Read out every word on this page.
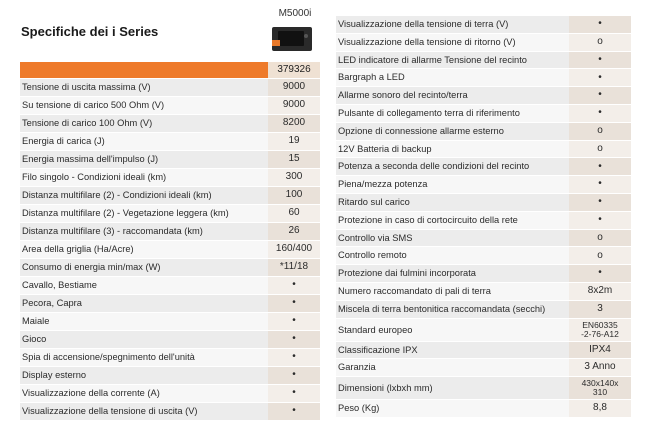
Specifiche dei i Series
M5000i
379326
Tensione di uscita massima (V)	9000
Su tensione di carico 500 Ohm (V)	9000
Tensione di carico 100 Ohm (V)	8200
Energia di carica (J)	19
Energia massima dell'impulso (J)	15
Filo singolo - Condizioni ideali (km)	300
Distanza multifilare (2) - Condizioni ideali (km)	100
Distanza multifilare (2) - Vegetazione leggera (km)	60
Distanza multifilare (3) - raccomandata (km)	26
Area della griglia (Ha/Acre)	160/400
Consumo di energia min/max (W)	*11/18
Cavallo, Bestiame	•
Pecora, Capra	•
Maiale	•
Gioco	•
Spia di accensione/spegnimento dell'unità	•
Display esterno	•
Visualizzazione della corrente (A)	•
Visualizzazione della tensione di uscita (V)	•
Visualizzazione della tensione di terra (V)	•
Visualizzazione della tensione di ritorno (V)	o
LED indicatore di allarme Tensione del recinto	•
Bargraph a LED	•
Allarme sonoro del recinto/terra	•
Pulsante di collegamento terra di riferimento	•
Opzione di connessione allarme esterno	o
12V Batteria di backup	o
Potenza a seconda delle condizioni del recinto	•
Piena/mezza potenza	•
Ritardo sul carico	•
Protezione in caso di cortocircuito della rete	•
Controllo via SMS	o
Controllo remoto	o
Protezione dai fulmini incorporata	•
Numero raccomandato di pali di terra	8x2m
Miscela di terra bentonitica raccomandata (secchi)	3
Standard europeo	EN60335
-2-76-A12
Classificazione IPX	IPX4
Garanzia	3 Anno
Dimensioni (lxbxh mm)	430x140x
310
Peso (Kg)	8,8
